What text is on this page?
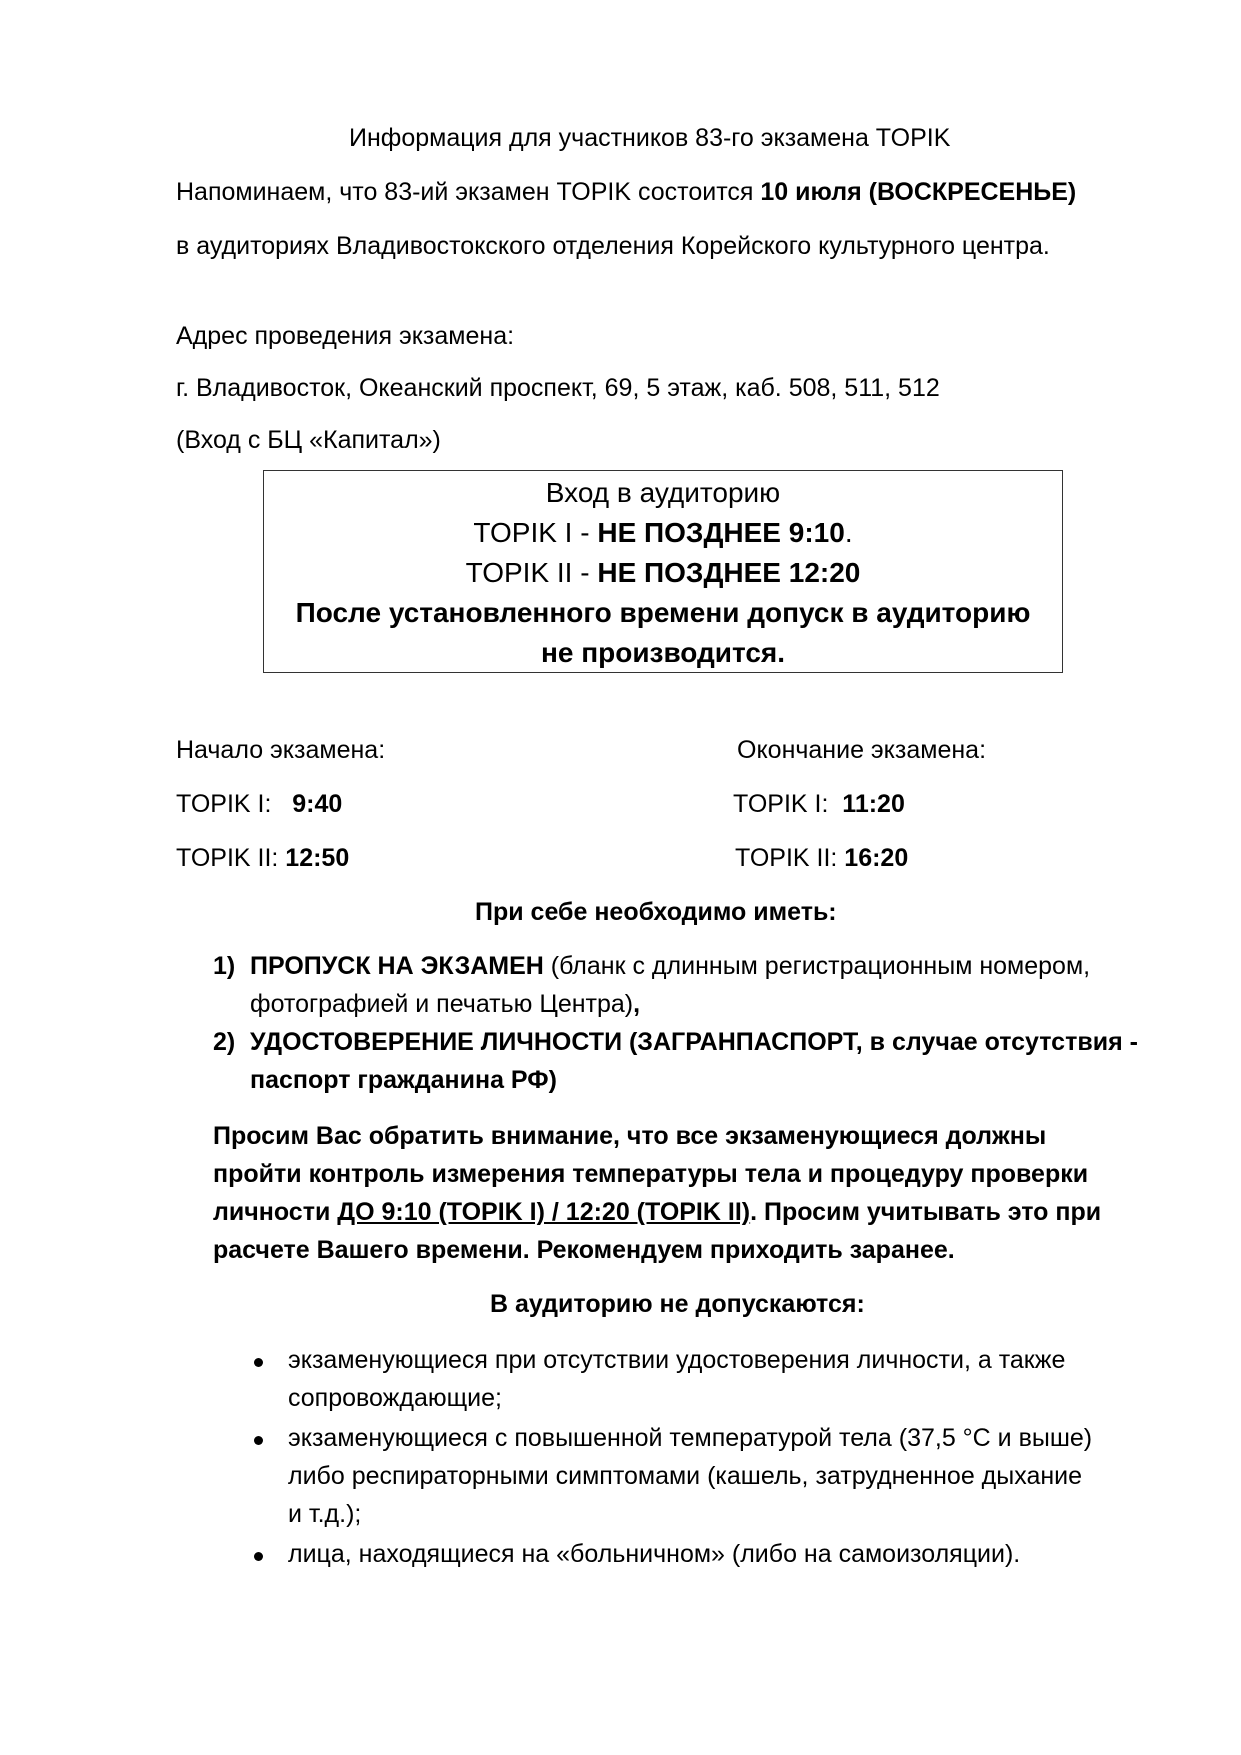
Информация для участников 83-го экзамена TOPIK
Напоминаем, что 83-ий экзамен TOPIK состоится 10 июля (ВОСКРЕСЕНЬЕ)
в аудиториях Владивостокского отделения Корейского культурного центра.
Адрес проведения экзамена:
г. Владивосток, Океанский проспект, 69, 5 этаж, каб. 508, 511, 512
(Вход с БЦ «Капитал»)
Вход в аудиторию
TOPIK I - НЕ ПОЗДНЕЕ 9:10.
TOPIK II - НЕ ПОЗДНЕЕ 12:20
После установленного времени допуск в аудиторию
не производится.
Начало экзамена:	Окончание экзамена:
TOPIK I:   9:40	TOPIK I:  11:20
TOPIK II: 12:50	TOPIK II: 16:20
При себе необходимо иметь:
1) ПРОПУСК НА ЭКЗАМЕН (бланк с длинным регистрационным номером,
фотографией и печатью Центра),
2) УДОСТОВЕРЕНИЕ ЛИЧНОСТИ (ЗАГРАНПАСПОРТ, в случае отсутствия -
паспорт гражданина РФ)
Просим Вас обратить внимание, что все экзаменующиеся должны
пройти контроль измерения температуры тела и процедуру проверки
личности ДО 9:10 (TOPIK I) / 12:20 (TOPIK II). Просим учитывать это при
расчете Вашего времени. Рекомендуем приходить заранее.
В аудиторию не допускаются:
экзаменующиеся при отсутствии удостоверения личности, а также
сопровождающие;
экзаменующиеся с повышенной температурой тела (37,5 °C и выше)
либо респираторными симптомами (кашель, затрудненное дыхание
и т.д.);
лица, находящиеся на «больничном» (либо на самоизоляции).
